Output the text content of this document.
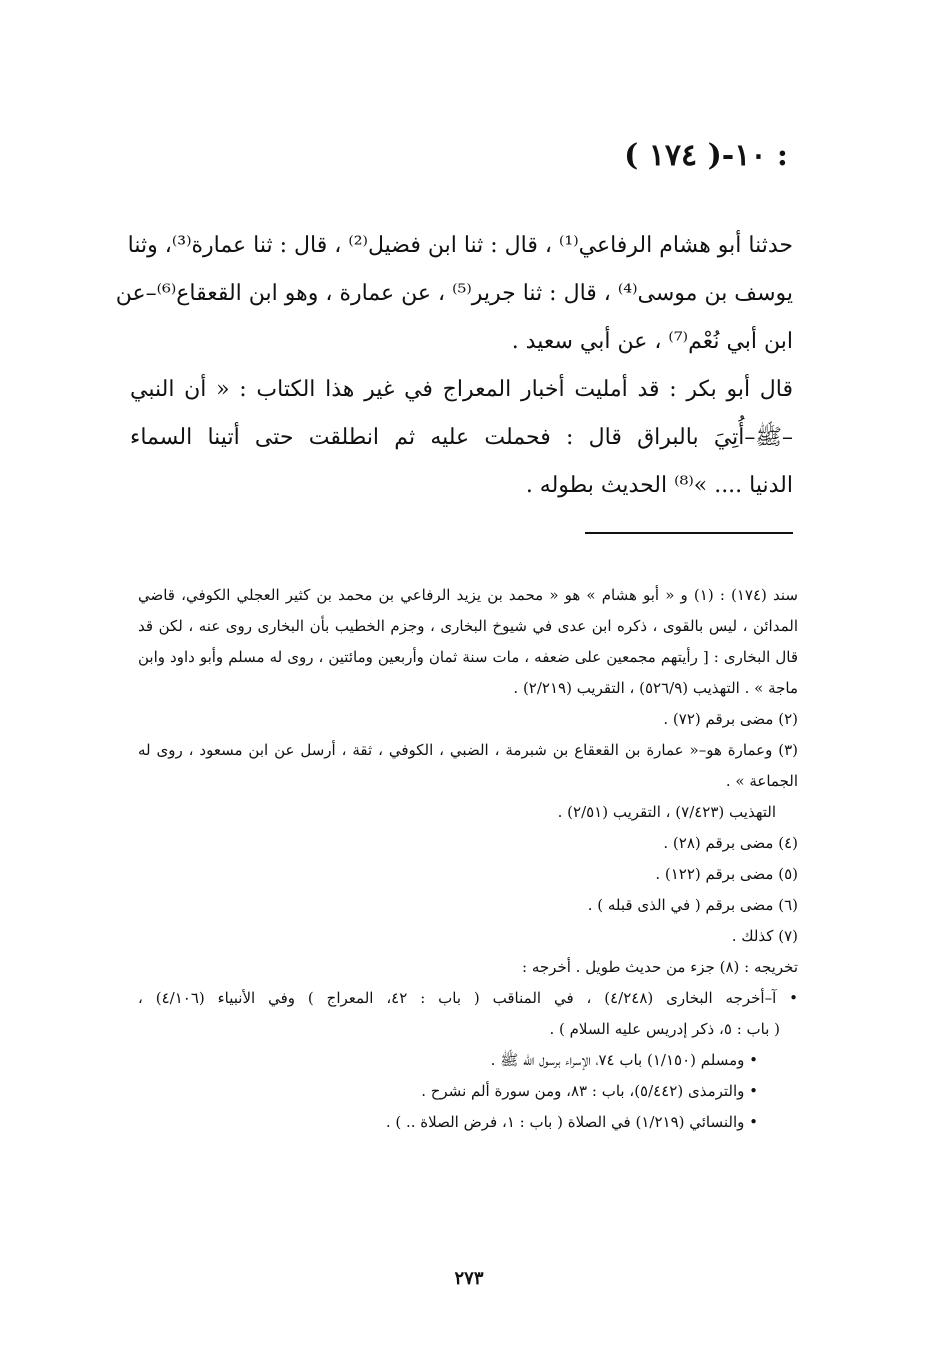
١٠-( ١٧٤ ) :
حدثنا أبو هشام الرفاعي⁽¹⁾ ، قال : ثنا ابن فضيل⁽²⁾ ، قال : ثنا عمارة⁽³⁾، وثنا
يوسف بن موسى⁽⁴⁾ ، قال : ثنا جرير⁽⁵⁾ ، عن عمارة ، وهو ابن القعقاع⁽⁶⁾–عن
ابن أبي نُعْم⁽⁷⁾ ، عن أبي سعيد .
قال أبو بكر : قد أمليت أخبار المعراج في غير هذا الكتاب : « أن النبي
–ﷺ–أُتِيَ بالبراق قال : فحملت عليه ثم انطلقت حتى أتينا السماء
الدنيا .... »⁽⁸⁾ الحديث بطوله .
سند (١٧٤) : (١) و « أبو هشام » هو « محمد بن يزيد الرفاعي بن محمد بن كثير العجلي الكوفي، قاضي
المدائن ، ليس بالقوى ، ذكره ابن عدى في شيوخ البخارى ، وجزم الخطيب بأن البخارى روى عنه ، لكن قد
قال البخارى : [ رأيتهم مجمعين على ضعفه ، مات سنة ثمان وأربعين ومائتين ، روى له مسلم وأبو داود وابن
ماجة » . التهذيب (٥٢٦/٩) ، التقريب (٢/٢١٩) .
(٢) مضى برقم (٧٢) .
(٣) وعمارة هو–« عمارة بن القعقاع بن شبرمة ، الضبي ، الكوفي ، ثقة ، أرسل عن ابن مسعود ، روى له
الجماعة » .
التهذيب (٧/٤٢٣) ، التقريب (٢/٥١) .
(٤) مضى برقم (٢٨) .
(٥) مضى برقم (١٢٢) .
(٦) مضى برقم ( في الذى قبله ) .
(٧) كذلك .
تخريجه : (٨) جزء من حديث طويل . أخرجه :
• آ–أخرجه البخارى (٤/٢٤٨) ، في المناقب ( باب : ٤٢، المعراج ) وفي الأنبياء (٤/١٠٦) ،
( باب : ٥، ذكر إدريس عليه السلام ) .
• ومسلم (١/١٥٠) باب ٧٤، الإسراء برسول الله ﷺ .
• والترمذى (٥/٤٤٢)، باب : ٨٣، ومن سورة ألم نشرح .
• والنسائي (١/٢١٩) في الصلاة ( باب : ١، فرض الصلاة .. ) .
٢٧٣
